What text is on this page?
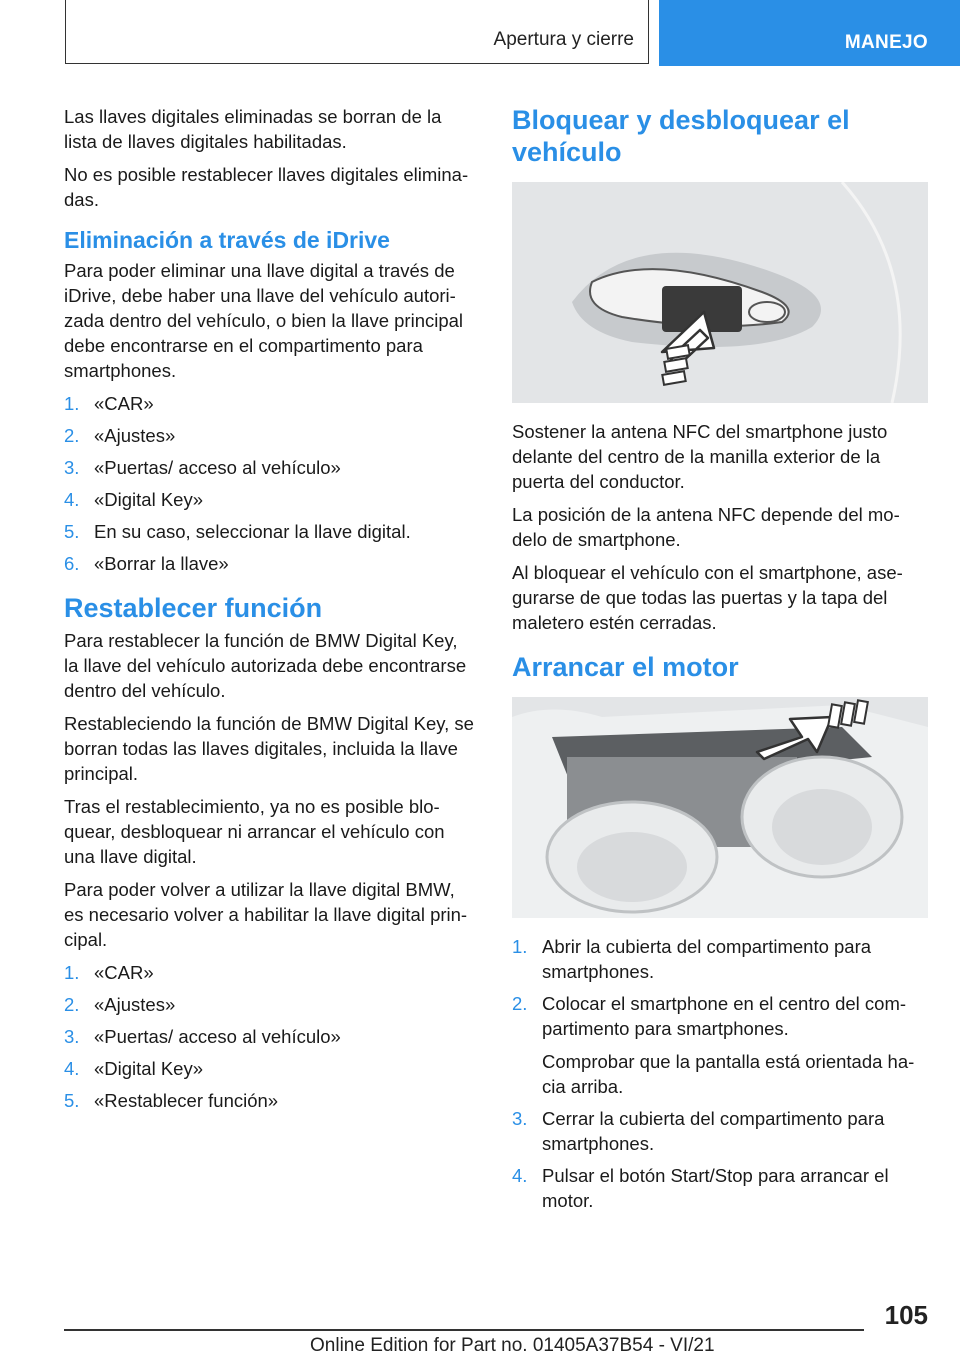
Apertura y cierre	MANEJO

Las llaves digitales eliminadas se borran de la lista de llaves digitales habilitadas.

No es posible restablecer llaves digitales elimina‐das.

Eliminación a través de iDrive

Para poder eliminar una llave digital a través de iDrive, debe haber una llave del vehículo autori‐zada dentro del vehículo, o bien la llave principal debe encontrarse en el compartimento para smartphones.

1. «CAR»
2. «Ajustes»
3. «Puertas/ acceso al vehículo»
4. «Digital Key»
5. En su caso, seleccionar la llave digital.
6. «Borrar la llave»
Restablecer función

Para restablecer la función de BMW Digital Key, la llave del vehículo autorizada debe encontrarse dentro del vehículo.

Restableciendo la función de BMW Digital Key, se borran todas las llaves digitales, incluida la llave principal.

Tras el restablecimiento, ya no es posible blo‐quear, desbloquear ni arrancar el vehículo con una llave digital.

Para poder volver a utilizar la llave digital BMW, es necesario volver a habilitar la llave digital prin‐cipal.

1. «CAR»
2. «Ajustes»
3. «Puertas/ acceso al vehículo»
4. «Digital Key»
5. «Restablecer función»
Bloquear y desbloquear el vehículo

Sostener la antena NFC del smartphone justo delante del centro de la manilla exterior de la puerta del conductor.

La posición de la antena NFC depende del mo‐delo de smartphone.

Al bloquear el vehículo con el smartphone, ase‐gurarse de que todas las puertas y la tapa del maletero estén cerradas.

Arrancar el motor
1. Abrir la cubierta del compartimento para smartphones.
2. Colocar el smartphone en el centro del com‐partimento para smartphones.
Comprobar que la pantalla está orientada ha‐cia arriba.
3. Cerrar la cubierta del compartimento para smartphones.
4. Pulsar el botón Start/Stop para arrancar el motor.
105
Online Edition for Part no. 01405A37B54 - VI/21
